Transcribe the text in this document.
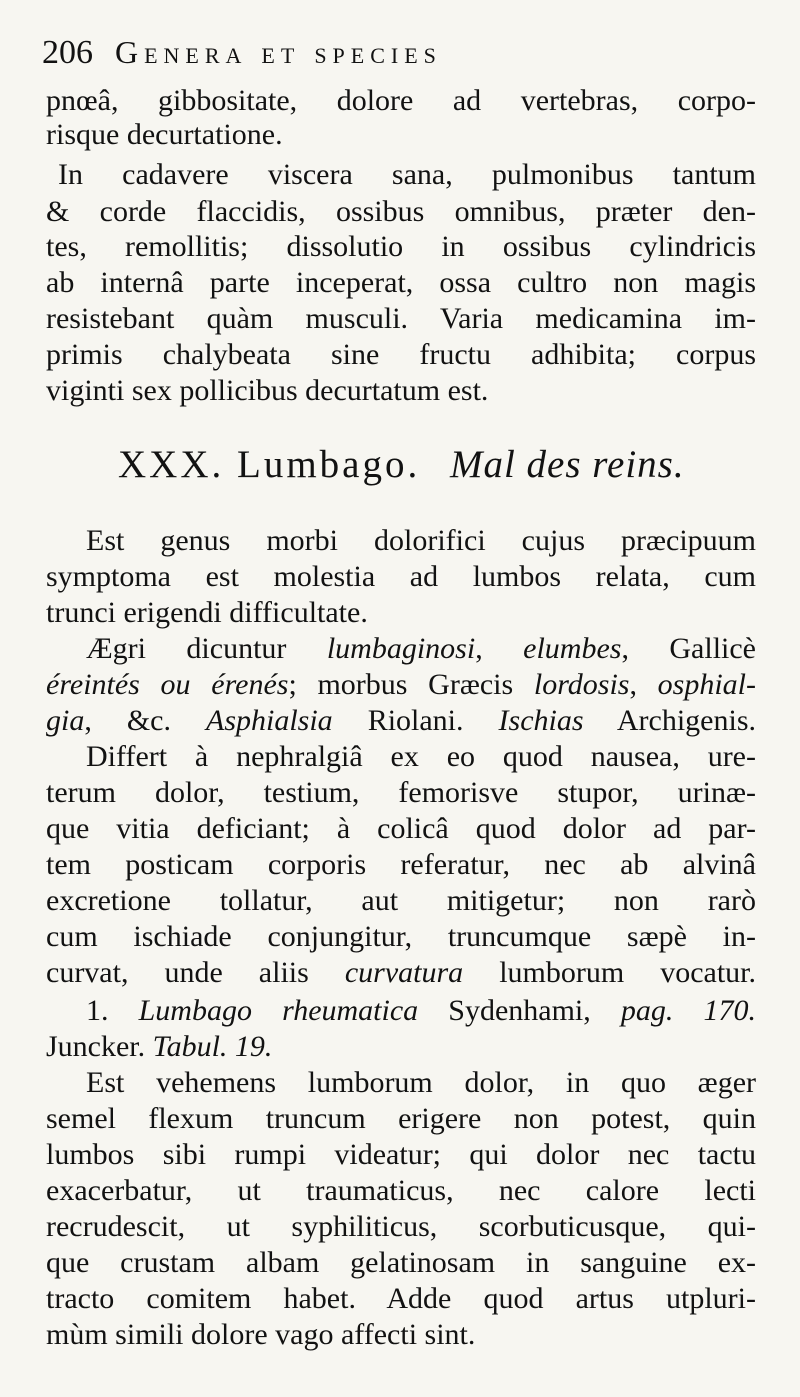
206 Genera et species
pnœâ, gibbositate, dolore ad vertebras, corpo-
risque decurtatione.
In cadavere viscera sana, pulmonibus tantum
& corde flaccidis, ossibus omnibus, præter den-
tes, remollitis; dissolutio in ossibus cylindricis
ab internâ parte inceperat, ossa cultro non magis
resistebant quàm musculi. Varia medicamina im-
primis chalybeata sine fructu adhibita; corpus
viginti sex pollicibus decurtatum est.
XXX. Lumbago. Mal des reins.
Est genus morbi dolorifici cujus præcipuum
symptoma est molestia ad lumbos relata, cum
trunci erigendi difficultate.
Ægri dicuntur lumbaginosi, elumbes, Gallicè
éreintés ou érenés; morbus Græcis lordosis, osphial-
gia, &c. Asphialsia Riolani. Ischias Archigenis.
Differt à nephralgiâ ex eo quod nausea, ure-
terum dolor, testium, femorisve stupor, urinæ-
que vitia deficiant; à colicâ quod dolor ad par-
tem posticam corporis referatur, nec ab alvinâ
excretione tollatur, aut mitigetur; non rarò
cum ischiade conjungitur, truncumque sæpè in-
curvat, unde aliis curvatura lumborum vocatur.
1. Lumbago rheumatica Sydenhami, pag. 170.
Juncker. Tabul. 19.
Est vehemens lumborum dolor, in quo æger
semel flexum truncum erigere non potest, quin
lumbos sibi rumpi videatur; qui dolor nec tactu
exacerbatur, ut traumaticus, nec calore lecti
recrudescit, ut syphiliticus, scorbuticusque, qui-
que crustam albam gelatinosam in sanguine ex-
tracto comitem habet. Adde quod artus utpluri-
mùm simili dolore vago affecti sint.
